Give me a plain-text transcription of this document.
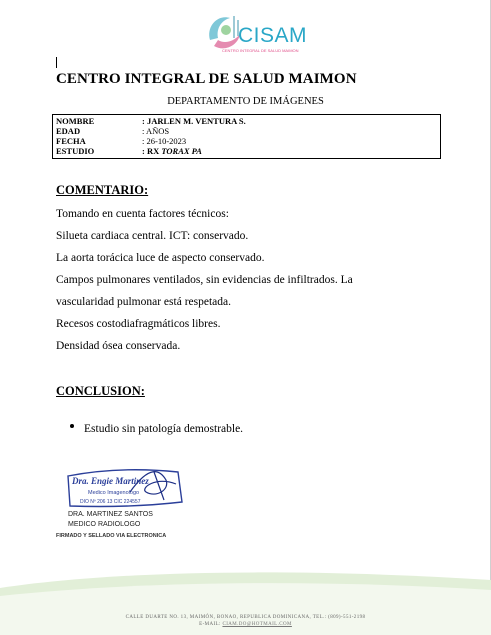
CISAM
CENTRO INTEGRAL DE SALUD MAIMON
CENTRO INTEGRAL DE SALUD MAIMON
DEPARTAMENTO DE IMÁGENES
NOMBRE	: JARLEN M. VENTURA S.
EDAD	: AÑOS
FECHA	: 26-10-2023
ESTUDIO	: RX TORAX PA
COMENTARIO:
Tomando en cuenta factores técnicos:
Silueta cardiaca central. ICT: conservado.
La aorta torácica luce de aspecto conservado.
Campos pulmonares ventilados, sin evidencias de infiltrados. La
vascularidad pulmonar está respetada.
Recesos costodiafragmáticos libres.
Densidad ósea conservada.
CONCLUSION:
Estudio sin patología demostrable.
Dra. Engie Martinez
Medico Imagenologo
DIO Nº 206 13 CIC 224557
DRA. MARTINEZ SANTOS
MEDICO RADIOLOGO
FIRMADO Y SELLADO VIA ELECTRONICA
CALLE DUARTE NO. 13, MAIMÓN, BONAO, REPUBLICA DOMINICANA, TEL.: (809)-551-2198
E-MAIL: CIAM.DO@HOTMAIL.COM
